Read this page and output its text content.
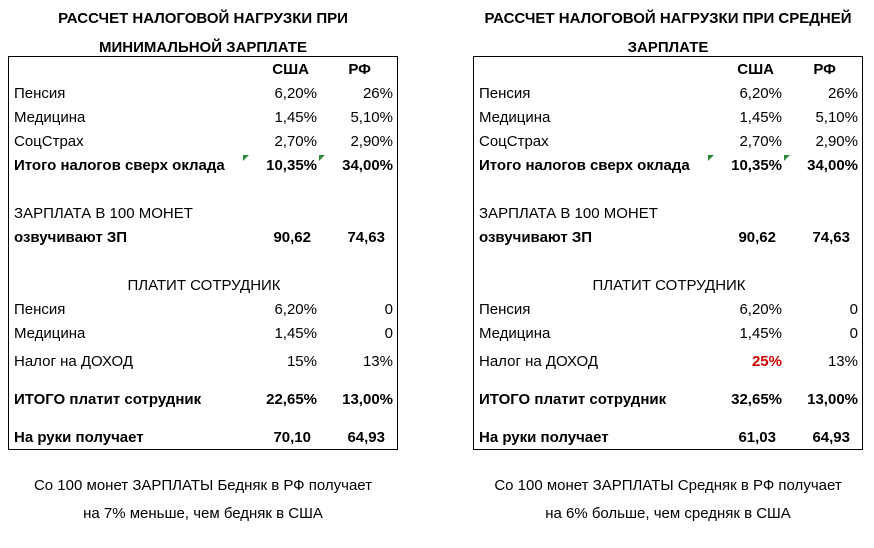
РАССЧЕТ НАЛОГОВОЙ НАГРУЗКИ ПРИ
МИНИМАЛЬНОЙ ЗАРПЛАТЕ
США	РФ
Пенсия	6,20%	26%
Медицина	1,45% 5,10%
СоцСтрах	2,70% 2,90%
Итого налогов сверх оклада	10,35% 34,00%
ЗАРПЛАТА В 100 МОНЕТ
озвучивают ЗП	90,62 74,63
ПЛАТИТ СОТРУДНИК
Пенсия	6,20%	0
Медицина	1,45%	0
Налог на ДОХОД	15%	13%
ИТОГО платит сотрудник	22,65% 13,00%
На руки получает	70,10 64,93
Со 100 монет ЗАРПЛАТЫ Бедняк в РФ получает
на 7% меньше, чем бедняк в США
РАССЧЕТ НАЛОГОВОЙ НАГРУЗКИ ПРИ СРЕДНЕЙ
ЗАРПЛАТЕ
США	РФ
Пенсия	6,20%	26%
Медицина	1,45% 5,10%
СоцСтрах	2,70% 2,90%
Итого налогов сверх оклада	10,35% 34,00%
ЗАРПЛАТА В 100 МОНЕТ
озвучивают ЗП	90,62 74,63
ПЛАТИТ СОТРУДНИК
Пенсия	6,20%	0
Медицина	1,45%	0
Налог на ДОХОД	25%	13%
ИТОГО платит сотрудник	32,65% 13,00%
На руки получает	61,03 64,93
Со 100 монет ЗАРПЛАТЫ Средняк в РФ получает
на 6% больше, чем средняк в США
